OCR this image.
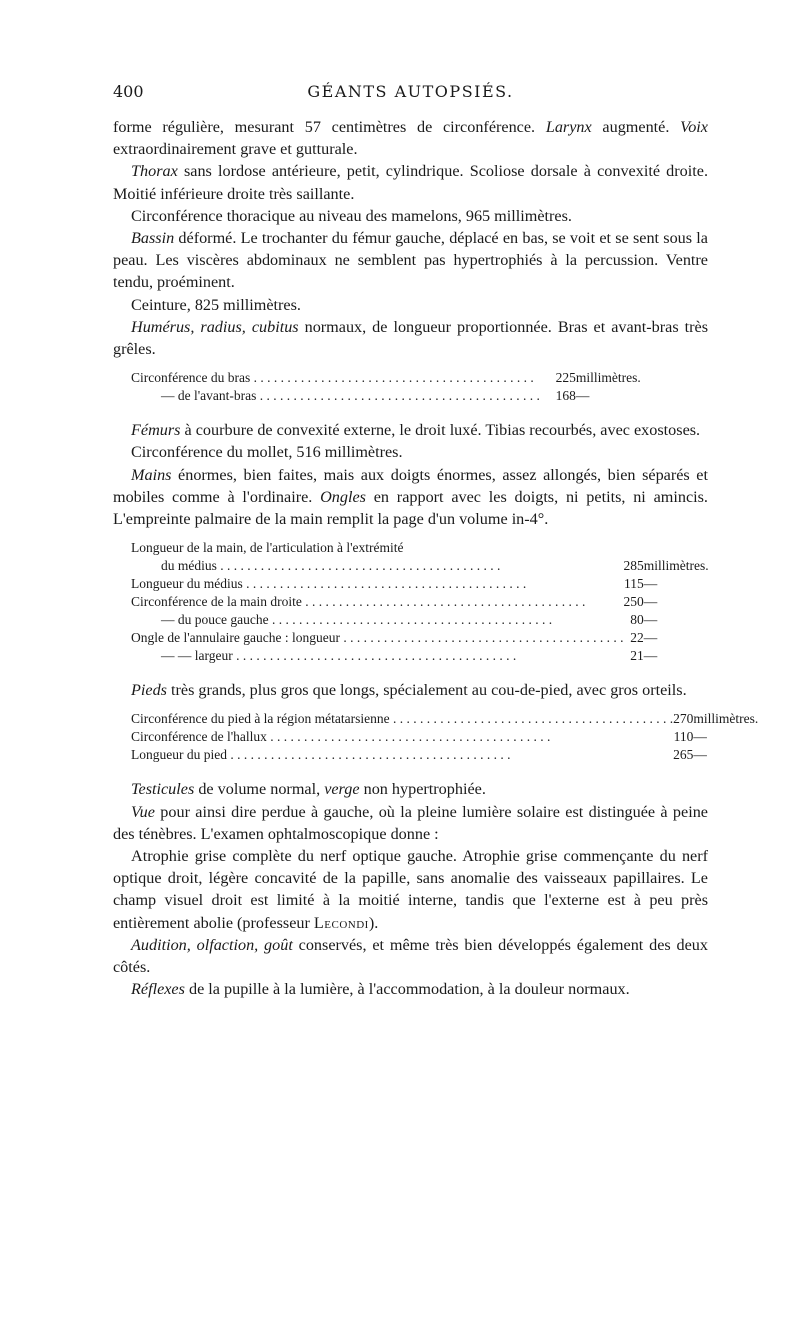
400	GÉANTS AUTOPSIÉS.

forme régulière, mesurant 57 centimètres de circonférence. Larynx augmenté. Voix extraordinairement grave et gutturale.

Thorax sans lordose antérieure, petit, cylindrique. Scoliose dorsale à convexité droite. Moitié inférieure droite très saillante.

Circonférence thoracique au niveau des mamelons, 965 millimètres.

Bassin déformé. Le trochanter du fémur gauche, déplacé en bas, se voit et se sent sous la peau. Les viscères abdominaux ne semblent pas hypertrophiés à la percussion. Ventre tendu, proéminent.

Ceinture, 825 millimètres.

Humérus, radius, cubitus normaux, de longueur proportionnée. Bras et avant-bras très grêles.

Circonférence du bras . . .	225	millimètres.

— de l'avant-bras . . .	168	—

Fémurs à courbure de convexité externe, le droit luxé. Tibias recourbés, avec exostoses.

Circonférence du mollet, 516 millimètres.

Mains énormes, bien faites, mais aux doigts énormes, assez allongés, bien séparés et mobiles comme à l'ordinaire. Ongles en rapport avec les doigts, ni petits, ni amincis. L'empreinte palmaire de la main remplit la page d'un volume in-4°.

Longueur de la main, de l'articulation à l'extrémité		

du médius . . .	285	millimètres.

Longueur du médius . . .	115	—

Circonférence de la main droite . . .	250	—

— du pouce gauche . . .	80	—

Ongle de l'annulaire gauche : longueur . . .	22	—

— — largeur . . .	21	—

Pieds très grands, plus gros que longs, spécialement au cou-de-pied, avec gros orteils.

Circonférence du pied à la région métatarsienne . . .	270	millimètres.

Circonférence de l'hallux . . .	110	—

Longueur du pied . . .	265	—

Testicules de volume normal, verge non hypertrophiée.

Vue pour ainsi dire perdue à gauche, où la pleine lumière solaire est distinguée à peine des ténèbres. L'examen ophtalmoscopique donne :

Atrophie grise complète du nerf optique gauche. Atrophie grise commençante du nerf optique droit, légère concavité de la papille, sans anomalie des vaisseaux papillaires. Le champ visuel droit est limité à la moitié interne, tandis que l'externe est à peu près entièrement abolie (professeur Lecondi).

Audition, olfaction, goût conservés, et même très bien développés également des deux côtés.

Réflexes de la pupille à la lumière, à l'accommodation, à la douleur normaux.
